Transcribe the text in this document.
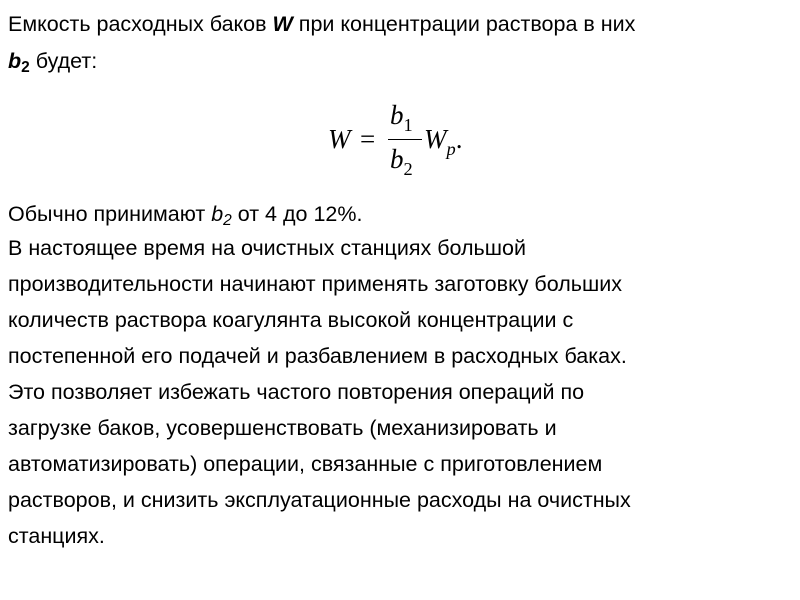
Емкость расходных баков W при концентрации раствора в них
$b_2$ будет:
W =
$b_1$
$b_2$
$W_p$.
Обычно принимают $b_2$ от 4 до 12%.
В настоящее время на очистных станциях большой
производительности начинают применять заготовку больших
количеств раствора коагулянта высокой концентрации с
постепенной его подачей и разбавлением в расходных баках.
Это позволяет избежать частого повторения операций по
загрузке баков, усовершенствовать (механизировать и
автоматизировать) операции, связанные с приготовлением
растворов, и снизить эксплуатационные расходы на очистных
станциях.
